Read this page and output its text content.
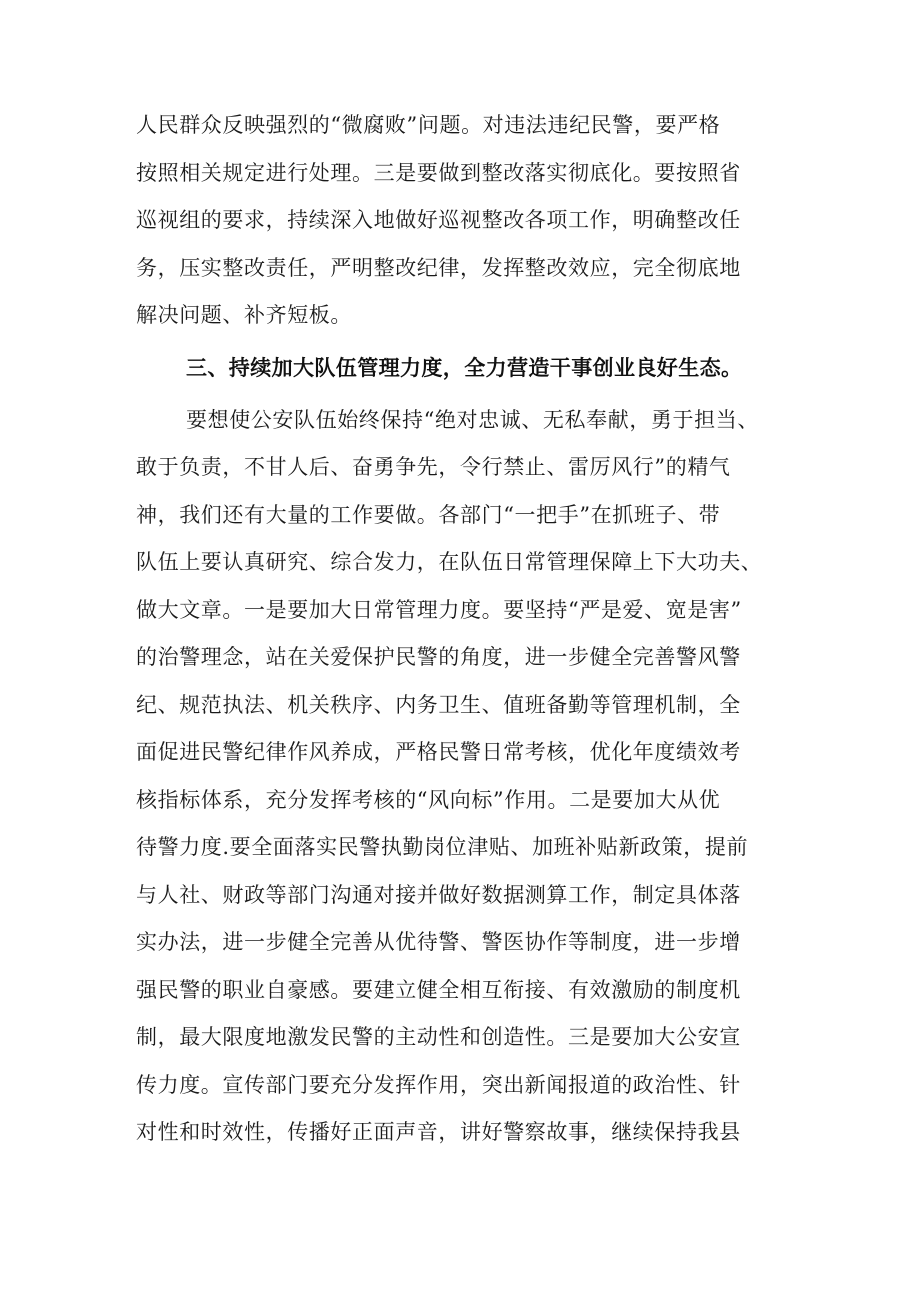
人民群众反映强烈的“微腐败”问题。对违法违纪民警，要严格
按照相关规定进行处理。三是要做到整改落实彻底化。要按照省
巡视组的要求，持续深入地做好巡视整改各项工作，明确整改任
务，压实整改责任，严明整改纪律，发挥整改效应，完全彻底地
解决问题、补齐短板。

三、持续加大队伍管理力度，全力营造干事创业良好生态。

要想使公安队伍始终保持“绝对忠诚、无私奉献，勇于担当、
敢于负责，不甘人后、奋勇争先，令行禁止、雷厉风行”的精气
神，我们还有大量的工作要做。各部门“一把手”在抓班子、带
队伍上要认真研究、综合发力，在队伍日常管理保障上下大功夫、
做大文章。一是要加大日常管理力度。要坚持“严是爱、宽是害”
的治警理念，站在关爱保护民警的角度，进一步健全完善警风警
纪、规范执法、机关秩序、内务卫生、值班备勤等管理机制，全
面促进民警纪律作风养成，严格民警日常考核，优化年度绩效考
核指标体系，充分发挥考核的“风向标”作用。二是要加大从优
待警力度.要全面落实民警执勤岗位津贴、加班补贴新政策，提前
与人社、财政等部门沟通对接并做好数据测算工作，制定具体落
实办法，进一步健全完善从优待警、警医协作等制度，进一步增
强民警的职业自豪感。要建立健全相互衔接、有效激励的制度机
制，最大限度地激发民警的主动性和创造性。三是要加大公安宣
传力度。宣传部门要充分发挥作用，突出新闻报道的政治性、针
对性和时效性，传播好正面声音，讲好警察故事，继续保持我县
